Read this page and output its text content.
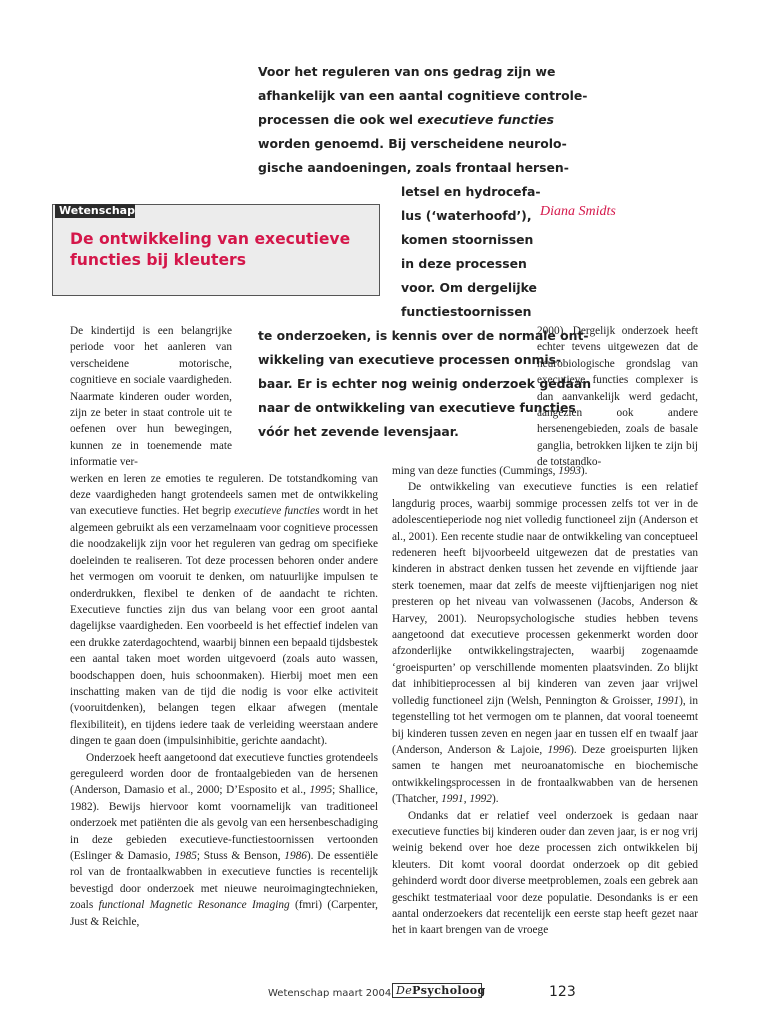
Voor het reguleren van ons gedrag zijn we
afhankelijk van een aantal cognitieve controle-
processen die ook wel executieve functies
worden genoemd. Bij verscheidene neurolo-
gische aandoeningen, zoals frontaal hersen-
letsel en hydrocefa-
lus (‘waterhoofd’),
komen stoornissen
in deze processen
voor. Om dergelijke
functiestoornissen
te onderzoeken, is kennis over de normale ont-
wikkeling van executieve processen onmis-
baar. Er is echter nog weinig onderzoek gedaan
naar de ontwikkeling van executieve functies
vóór het zevende levensjaar.
Wetenschap
De ontwikkeling van executieve functies bij kleuters
Diana Smidts

De kindertijd is een belangrijke periode voor het aanleren van verscheidene motorische, cognitieve en sociale vaardigheden. Naarmate kinderen ouder worden, zijn ze beter in staat controle uit te oefenen over hun bewegingen, kunnen ze in toenemende mate informatie ver-
werken en leren ze emoties te reguleren. De totstandkoming van deze vaardigheden hangt grotendeels samen met de ontwikkeling van executieve functies. Het begrip executieve functies wordt in het algemeen gebruikt als een verzamelnaam voor cognitieve processen die noodzakelijk zijn voor het reguleren van gedrag om specifieke doeleinden te realiseren. Tot deze processen behoren onder andere het vermogen om vooruit te denken, om natuurlijke impulsen te onderdrukken, flexibel te denken of de aandacht te richten. Executieve functies zijn dus van belang voor een groot aantal dagelijkse vaardigheden. Een voorbeeld is het effectief indelen van een drukke zaterdagochtend, waarbij binnen een bepaald tijdsbestek een aantal taken moet worden uitgevoerd (zoals auto wassen, boodschappen doen, huis schoonmaken). Hierbij moet men een inschatting maken van de tijd die nodig is voor elke activiteit (vooruitdenken), belangen tegen elkaar afwegen (mentale flexibiliteit), en tijdens iedere taak de verleiding weerstaan andere dingen te gaan doen (impulsinhibitie, gerichte aandacht).

Onderzoek heeft aangetoond dat executieve functies grotendeels gereguleerd worden door de frontaalgebieden van de hersenen (Anderson, Damasio et al., 2000; D’Esposito et al., 1995; Shallice, 1982). Bewijs hiervoor komt voornamelijk van traditioneel onderzoek met patiënten die als gevolg van een hersenbeschadiging in deze gebieden executieve-functiestoornissen vertoonden (Eslinger & Damasio, 1985; Stuss & Benson, 1986). De essentiële rol van de frontaalkwabben in executieve functies is recentelijk bevestigd door onderzoek met nieuwe neuroimagingtechnieken, zoals functional Magnetic Resonance Imaging (fmri) (Carpenter, Just & Reichle,

2000). Dergelijk onderzoek heeft echter tevens uitgewezen dat de neurobiologische grondslag van executieve functies complexer is dan aanvankelijk werd gedacht, aangezien ook andere hersenengebieden, zoals de basale ganglia, betrokken lijken te zijn bij de totstandko-

ming van deze functies (Cummings, 1993).

De ontwikkeling van executieve functies is een relatief langdurig proces, waarbij sommige processen zelfs tot ver in de adolescentieperiode nog niet volledig functioneel zijn (Anderson et al., 2001). Een recente studie naar de ontwikkeling van conceptueel redeneren heeft bijvoorbeeld uitgewezen dat de prestaties van kinderen in abstract denken tussen het zevende en vijftiende jaar sterk toenemen, maar dat zelfs de meeste vijftienjarigen nog niet presteren op het niveau van volwassenen (Jacobs, Anderson & Harvey, 2001). Neuropsychologische studies hebben tevens aangetoond dat executieve processen gekenmerkt worden door afzonderlijke ontwikkelingstrajecten, waarbij zogenaamde ‘groeispurten’ op verschillende momenten plaatsvinden. Zo blijkt dat inhibitieprocessen al bij kinderen van zeven jaar vrijwel volledig functioneel zijn (Welsh, Pennington & Groisser, 1991), in tegenstelling tot het vermogen om te plannen, dat vooral toeneemt bij kinderen tussen zeven en negen jaar en tussen elf en twaalf jaar (Anderson, Anderson & Lajoie, 1996). Deze groeispurten lijken samen te hangen met neuroanatomische en biochemische ontwikkelingsprocessen in de frontaalkwabben van de hersenen (Thatcher, 1991, 1992).

Ondanks dat er relatief veel onderzoek is gedaan naar executieve functies bij kinderen ouder dan zeven jaar, is er nog vrij weinig bekend over hoe deze processen zich ontwikkelen bij kleuters. Dit komt vooral doordat onderzoek op dit gebied gehinderd wordt door diverse meetproblemen, zoals een gebrek aan geschikt testmateriaal voor deze populatie. Desondanks is er een aantal onderzoekers dat recentelijk een eerste stap heeft gezet naar het in kaart brengen van de vroege

Wetenschap maart 2004 DePsycholoog	123
